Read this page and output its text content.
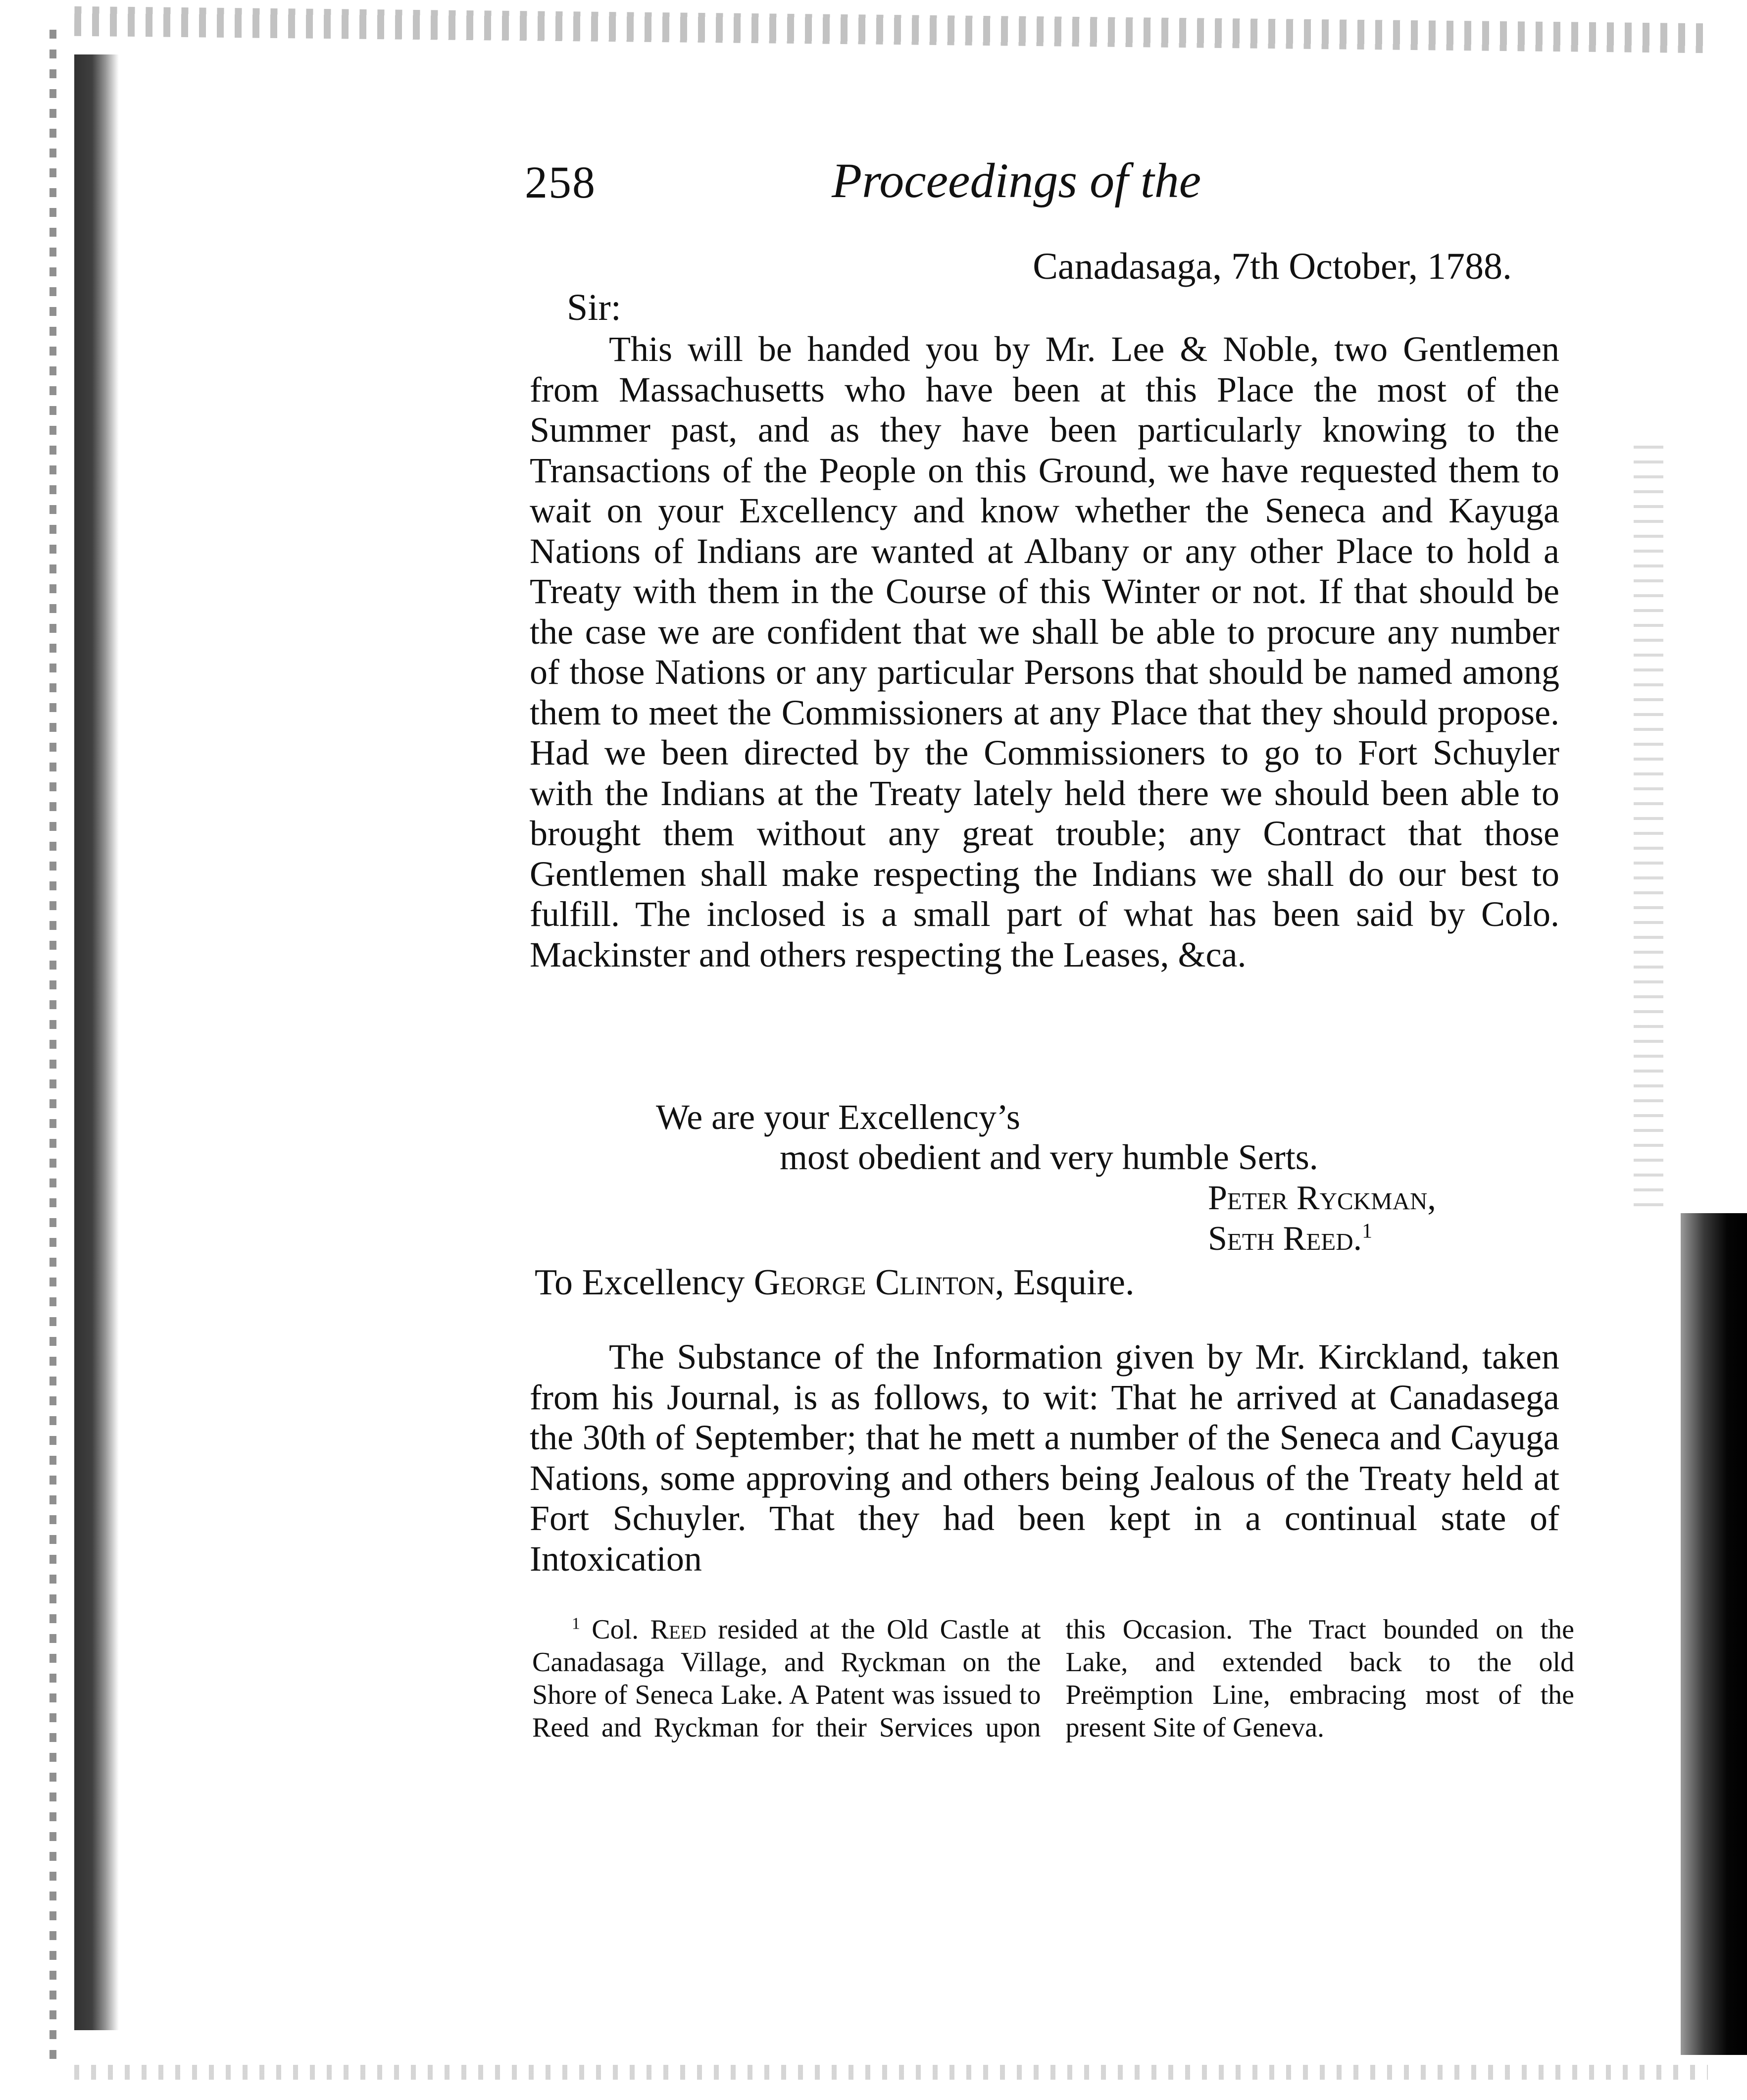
258	Proceedings of the
Canadasaga, 7th October, 1788.
Sir:

This will be handed you by Mr. Lee & Noble, two Gentlemen from Massachusetts who have been at this Place the most of the Summer past, and as they have been particularly knowing to the Transactions of the People on this Ground, we have requested them to wait on your Excellency and know whether the Seneca and Kayuga Nations of Indians are wanted at Albany or any other Place to hold a Treaty with them in the Course of this Winter or not. If that should be the case we are confident that we shall be able to procure any number of those Nations or any particular Persons that should be named among them to meet the Commissioners at any Place that they should propose. Had we been directed by the Commissioners to go to Fort Schuyler with the Indians at the Treaty lately held there we should been able to brought them without any great trouble; any Contract that those Gentlemen shall make respecting the Indians we shall do our best to fulfill. The inclosed is a small part of what has been said by Colo. Mackinster and others respecting the Leases, &ca.

We are your Excellency’s
most obedient and very humble Serts.
Peter Ryckman,
Seth Reed.$^1$
To Excellency George Clinton, Esquire.

The Substance of the Information given by Mr. Kirckland, taken from his Journal, is as follows, to wit: That he arrived at Canadasega the 30th of September; that he mett a number of the Seneca and Cayuga Nations, some approving and others being Jealous of the Treaty held at Fort Schuyler. That they had been kept in a continual state of Intoxication

$^1$ Col. Reed resided at the Old Castle at Canadasaga Village, and Ryckman on the Shore of Seneca Lake. A Patent was issued to Reed and Ryckman for their Services upon this Occasion. The Tract bounded on the Lake, and extended back to the old Preëmption Line, embracing most of the present Site of Geneva.
